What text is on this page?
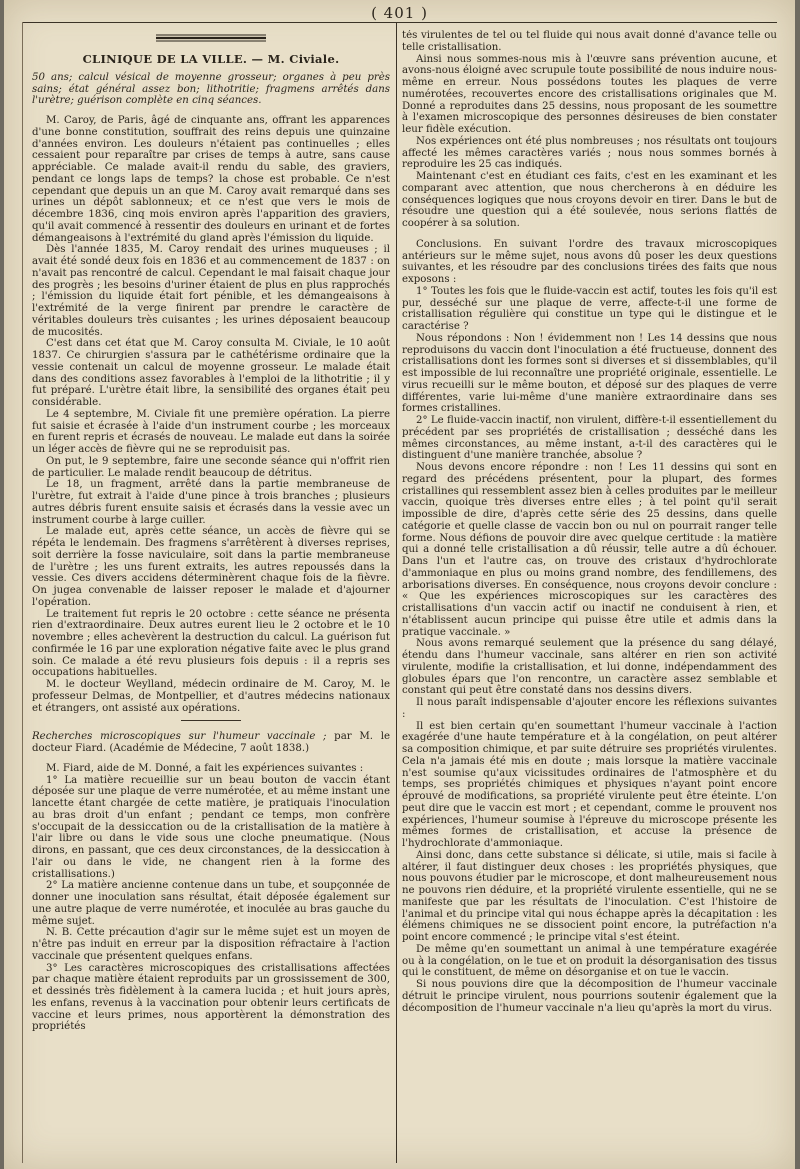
( 401 )
CLINIQUE DE LA VILLE. — M. Civiale.
50 ans; calcul vésical de moyenne grosseur; organes à peu près sains; état général assez bon; lithotritie; fragmens arrêtés dans l'urètre; guérison complète en cinq séances.

M. Caroy, de Paris, âgé de cinquante ans, offrant les apparences d'une bonne constitution, souffrait des reins depuis une quinzaine d'années environ. Les douleurs n'étaient pas continuelles ; elles cessaient pour reparaître par crises de temps à autre, sans cause appréciable. Ce malade avait-il rendu du sable, des graviers, pendant ce longs laps de temps? la chose est probable. Ce n'est cependant que depuis un an que M. Caroy avait remarqué dans ses urines un dépôt sablonneux; et ce n'est que vers le mois de décembre 1836, cinq mois environ après l'apparition des graviers, qu'il avait commencé à ressentir des douleurs en urinant et de fortes démangeaisons à l'extrémité du gland après l'émission du liquide.

Dès l'année 1835, M. Caroy rendait des urines muqueuses ; il avait été sondé deux fois en 1836 et au commencement de 1837 : on n'avait pas rencontré de calcul. Cependant le mal faisait chaque jour des progrès ; les besoins d'uriner étaient de plus en plus rapprochés ; l'émission du liquide était fort pénible, et les démangeaisons à l'extrémité de la verge finirent par prendre le caractère de véritables douleurs très cuisantes ; les urines déposaient beaucoup de mucosités.

C'est dans cet état que M. Caroy consulta M. Civiale, le 10 août 1837. Ce chirurgien s'assura par le cathétérisme ordinaire que la vessie contenait un calcul de moyenne grosseur. Le malade était dans des conditions assez favorables à l'emploi de la lithotritie ; il y fut préparé. L'urètre était libre, la sensibilité des organes était peu considérable.

Le 4 septembre, M. Civiale fit une première opération. La pierre fut saisie et écrasée à l'aide d'un instrument courbe ; les morceaux en furent repris et écrasés de nouveau. Le malade eut dans la soirée un léger accès de fièvre qui ne se reproduisit pas.

On put, le 9 septembre, faire une seconde séance qui n'offrit rien de particulier. Le malade rendit beaucoup de détritus.

Le 18, un fragment, arrêté dans la partie membraneuse de l'urètre, fut extrait à l'aide d'une pince à trois branches ; plusieurs autres débris furent ensuite saisis et écrasés dans la vessie avec un instrument courbe à large cuiller.

Le malade eut, après cette séance, un accès de fièvre qui se répéta le lendemain. Des fragmens s'arrêtèrent à diverses reprises, soit derrière la fosse naviculaire, soit dans la partie membraneuse de l'urètre ; les uns furent extraits, les autres repoussés dans la vessie. Ces divers accidens déterminèrent chaque fois de la fièvre. On jugea convenable de laisser reposer le malade et d'ajourner l'opération.

Le traitement fut repris le 20 octobre : cette séance ne présenta rien d'extraordinaire. Deux autres eurent lieu le 2 octobre et le 10 novembre ; elles achevèrent la destruction du calcul. La guérison fut confirmée le 16 par une exploration négative faite avec le plus grand soin. Ce malade a été revu plusieurs fois depuis : il a repris ses occupations habituelles.

M. le docteur Weylland, médecin ordinaire de M. Caroy, M. le professeur Delmas, de Montpellier, et d'autres médecins nationaux et étrangers, ont assisté aux opérations.

Recherches microscopiques sur l'humeur vaccinale ; par M. le docteur Fiard. (Académie de Médecine, 7 août 1838.)

M. Fiard, aide de M. Donné, a fait les expériences suivantes :

1° La matière recueillie sur un beau bouton de vaccin étant déposée sur une plaque de verre numérotée, et au même instant une lancette étant chargée de cette matière, je pratiquais l'inoculation au bras droit d'un enfant ; pendant ce temps, mon confrère s'occupait de la dessiccation ou de la cristallisation de la matière à l'air libre ou dans le vide sous une cloche pneumatique. (Nous dirons, en passant, que ces deux circonstances, de la dessiccation à l'air ou dans le vide, ne changent rien à la forme des cristallisations.)

2° La matière ancienne contenue dans un tube, et soupçonnée de donner une inoculation sans résultat, était déposée également sur une autre plaque de verre numérotée, et inoculée au bras gauche du même sujet.

N. B. Cette précaution d'agir sur le même sujet est un moyen de n'être pas induit en erreur par la disposition réfractaire à l'action vaccinale que présentent quelques enfans.

3° Les caractères microscopiques des cristallisations affectées par chaque matière étaient reproduits par un grossissement de 300, et dessinés très fidèlement à la camera lucida ; et huit jours après, les enfans, revenus à la vaccination pour obtenir leurs certificats de vaccine et leurs primes, nous apportèrent la démonstration des propriétés

tés virulentes de tel ou tel fluide qui nous avait donné d'avance telle ou telle cristallisation.

Ainsi nous sommes-nous mis à l'œuvre sans prévention aucune, et avons-nous éloigné avec scrupule toute possibilité de nous induire nous-même en erreur. Nous possédons toutes les plaques de verre numérotées, recouvertes encore des cristallisations originales que M. Donné a reproduites dans 25 dessins, nous proposant de les soumettre à l'examen microscopique des personnes désireuses de bien constater leur fidèle exécution.

Nos expériences ont été plus nombreuses ; nos résultats ont toujours affecté les mêmes caractères variés ; nous nous sommes bornés à reproduire les 25 cas indiqués.

Maintenant c'est en étudiant ces faits, c'est en les examinant et les comparant avec attention, que nous chercherons à en déduire les conséquences logiques que nous croyons devoir en tirer. Dans le but de résoudre une question qui a été soulevée, nous serions flattés de coopérer à sa solution.

Conclusions. En suivant l'ordre des travaux microscopiques antérieurs sur le même sujet, nous avons dû poser les deux questions suivantes, et les résoudre par des conclusions tirées des faits que nous exposons :

1° Toutes les fois que le fluide-vaccin est actif, toutes les fois qu'il est pur, desséché sur une plaque de verre, affecte-t-il une forme de cristallisation régulière qui constitue un type qui le distingue et le caractérise ?

Nous répondons : Non ! évidemment non ! Les 14 dessins que nous reproduisons du vaccin dont l'inoculation a été fructueuse, donnent des cristallisations dont les formes sont si diverses et si dissemblables, qu'il est impossible de lui reconnaître une propriété originale, essentielle. Le virus recueilli sur le même bouton, et déposé sur des plaques de verre différentes, varie lui-même d'une manière extraordinaire dans ses formes cristallines.

2° Le fluide-vaccin inactif, non virulent, diffère-t-il essentiellement du précédent par ses propriétés de cristallisation ; desséché dans les mêmes circonstances, au même instant, a-t-il des caractères qui le distinguent d'une manière tranchée, absolue ?

Nous devons encore répondre : non ! Les 11 dessins qui sont en regard des précédens présentent, pour la plupart, des formes cristallines qui ressemblent assez bien à celles produites par le meilleur vaccin, quoique très diverses entre elles ; à tel point qu'il serait impossible de dire, d'après cette série des 25 dessins, dans quelle catégorie et quelle classe de vaccin bon ou nul on pourrait ranger telle forme. Nous défions de pouvoir dire avec quelque certitude : la matière qui a donné telle cristallisation a dû réussir, telle autre a dû échouer. Dans l'un et l'autre cas, on trouve des cristaux d'hydrochlorate d'ammoniaque en plus ou moins grand nombre, des fendillemens, des arborisations diverses. En conséquence, nous croyons devoir conclure : « Que les expériences microscopiques sur les caractères des cristallisations d'un vaccin actif ou inactif ne conduisent à rien, et n'établissent aucun principe qui puisse être utile et admis dans la pratique vaccinale. »

Nous avons remarqué seulement que la présence du sang délayé, étendu dans l'humeur vaccinale, sans altérer en rien son activité virulente, modifie la cristallisation, et lui donne, indépendamment des globules épars que l'on rencontre, un caractère assez semblable et constant qui peut être constaté dans nos dessins divers.

Il nous paraît indispensable d'ajouter encore les réflexions suivantes :

Il est bien certain qu'en soumettant l'humeur vaccinale à l'action exagérée d'une haute température et à la congélation, on peut altérer sa composition chimique, et par suite détruire ses propriétés virulentes. Cela n'a jamais été mis en doute ; mais lorsque la matière vaccinale n'est soumise qu'aux vicissitudes ordinaires de l'atmosphère et du temps, ses propriétés chimiques et physiques n'ayant point encore éprouvé de modifications, sa propriété virulente peut être éteinte. L'on peut dire que le vaccin est mort ; et cependant, comme le prouvent nos expériences, l'humeur soumise à l'épreuve du microscope présente les mêmes formes de cristallisation, et accuse la présence de l'hydrochlorate d'ammoniaque.

Ainsi donc, dans cette substance si délicate, si utile, mais si facile à altérer, il faut distinguer deux choses : les propriétés physiques, que nous pouvons étudier par le microscope, et dont malheureusement nous ne pouvons rien déduire, et la propriété virulente essentielle, qui ne se manifeste que par les résultats de l'inoculation. C'est l'histoire de l'animal et du principe vital qui nous échappe après la décapitation : les élémens chimiques ne se dissocient point encore, la putréfaction n'a point encore commencé ; le principe vital s'est éteint.

De même qu'en soumettant un animal à une température exagérée ou à la congélation, on le tue et on produit la désorganisation des tissus qui le constituent, de même on désorganise et on tue le vaccin.

Si nous pouvions dire que la décomposition de l'humeur vaccinale détruit le principe virulent, nous pourrions soutenir également que la décomposition de l'humeur vaccinale n'a lieu qu'après la mort du virus.
